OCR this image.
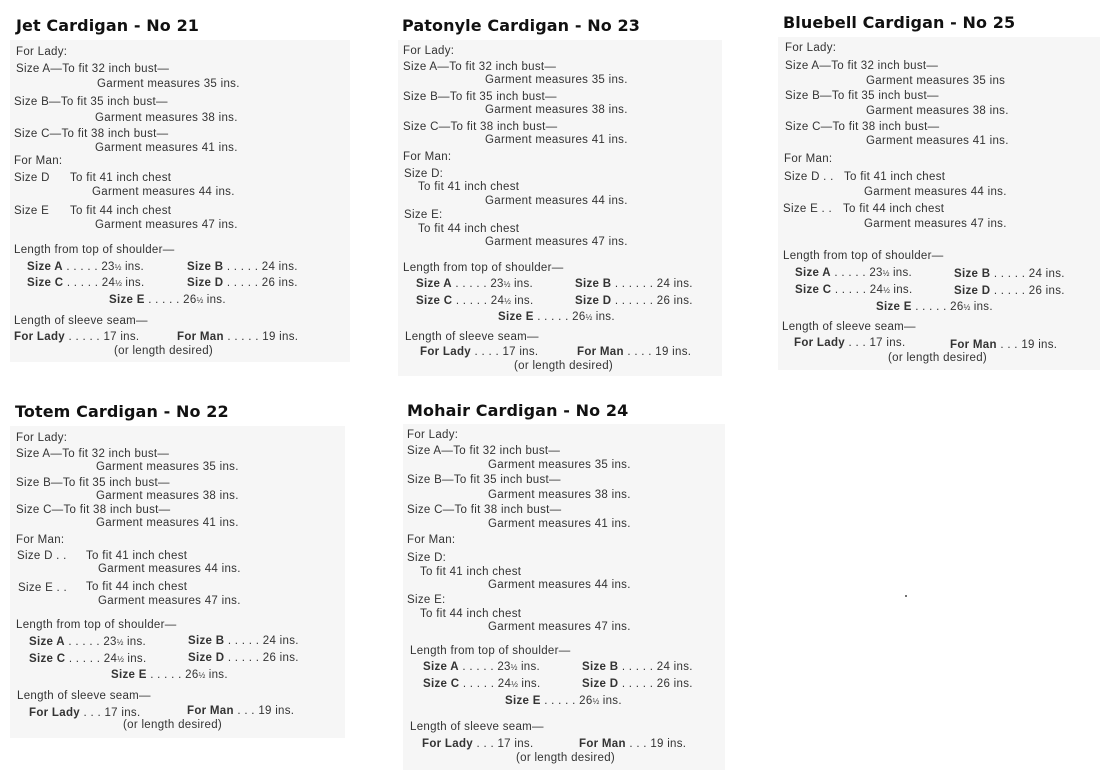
Jet Cardigan - No 21
For Lady:
Size A—To fit 32 inch bust—
Garment measures 35 ins.
Size B—To fit 35 inch bust—
Garment measures 38 ins.
Size C—To fit 38 inch bust—
Garment measures 41 ins.
For Man:
Size D To fit 41 inch chest
Garment measures 44 ins.
Size E To fit 44 inch chest
Garment measures 47 ins.
Length from top of shoulder—
Size A . . . . . 23½ ins.	Size B . . . . . 24 ins.
Size C . . . . . 24½ ins.	Size D . . . . . 26 ins.
Size E . . . . . 26½ ins.
Length of sleeve seam—
For Lady . . . . . 17 ins.	For Man . . . . . 19 ins.
(or length desired)
Patonyle Cardigan - No 23
For Lady:
Size A—To fit 32 inch bust—
Garment measures 35 ins.
Size B—To fit 35 inch bust—
Garment measures 38 ins.
Size C—To fit 38 inch bust—
Garment measures 41 ins.
For Man:
Size D:
To fit 41 inch chest
Garment measures 44 ins.
Size E:
To fit 44 inch chest
Garment measures 47 ins.
Length from top of shoulder—
Size A . . . . . 23½ ins.	Size B . . . . . . 24 ins.
Size C . . . . . 24½ ins.	Size D . . . . . . 26 ins.
Size E . . . . . 26½ ins.
Length of sleeve seam—
For Lady . . . . 17 ins.	For Man . . . . 19 ins.
(or length desired)
Bluebell Cardigan - No 25
For Lady:
Size A—To fit 32 inch bust—
Garment measures 35 ins
Size B—To fit 35 inch bust—
Garment measures 38 ins.
Size C—To fit 38 inch bust—
Garment measures 41 ins.
For Man:
Size D . . To fit 41 inch chest
Garment measures 44 ins.
Size E . . To fit 44 inch chest
Garment measures 47 ins.
Length from top of shoulder—
Size A . . . . . 23½ ins.	Size B . . . . . 24 ins.
Size C . . . . . 24½ ins.	Size D . . . . . 26 ins.
Size E . . . . . 26½ ins.
Length of sleeve seam—
For Lady . . . 17 ins.	For Man . . . 19 ins.
(or length desired)
Totem Cardigan - No 22
For Lady:
Size A—To fit 32 inch bust—
Garment measures 35 ins.
Size B—To fit 35 inch bust—
Garment measures 38 ins.
Size C—To fit 38 inch bust—
Garment measures 41 ins.
For Man:
Size D . . To fit 41 inch chest
Garment measures 44 ins.
Size E . . To fit 44 inch chest
Garment measures 47 ins.
Length from top of shoulder—
Size A . . . . . 23½ ins.	Size B . . . . . 24 ins.
Size C . . . . . 24½ ins.	Size D . . . . . 26 ins.
Size E . . . . . 26½ ins.
Length of sleeve seam—
For Lady . . . 17 ins.	For Man . . . 19 ins.
(or length desired)
Mohair Cardigan - No 24
For Lady:
Size A—To fit 32 inch bust—
Garment measures 35 ins.
Size B—To fit 35 inch bust—
Garment measures 38 ins.
Size C—To fit 38 inch bust—
Garment measures 41 ins.
For Man:
Size D:
To fit 41 inch chest
Garment measures 44 ins.
Size E:
To fit 44 inch chest
Garment measures 47 ins.
Length from top of shoulder—
Size A . . . . . 23½ ins.	Size B . . . . . 24 ins.
Size C . . . . . 24½ ins.	Size D . . . . . 26 ins.
Size E . . . . . 26½ ins.
Length of sleeve seam—
For Lady . . . 17 ins.	For Man . . . 19 ins.
(or length desired)
